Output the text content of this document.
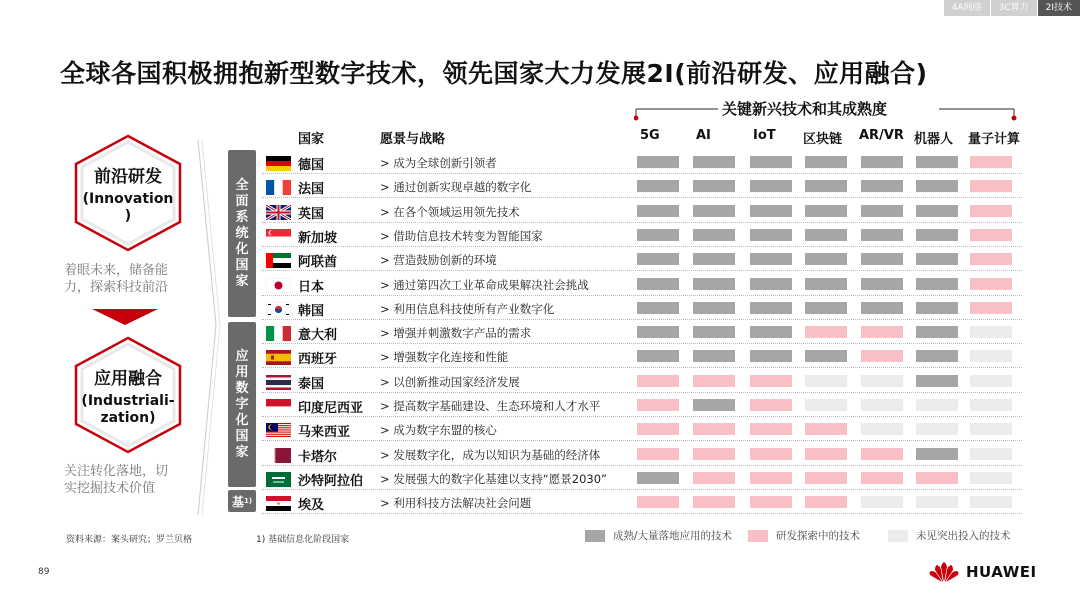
4A网络	3C算力	2I技术
全球各国积极拥抱新型数字技术，领先国家大力发展2I(前沿研发、应用融合)
前沿研发
(Innovation
)
着眼未来，储备能
力，探索科技前沿
应用融合
(Industriali-
zation)
关注转化落地，切
实挖掘技术价值
全面系统化国家
应用数字化国家
基 1)
国家	愿景与战略
关键新兴技术和其成熟度
5G	AI	IoT 区块链 AR/VR 机器人 量子计算
德国	> 成为全球创新引领者
法国	> 通过创新实现卓越的数字化
英国	> 在各个领域运用领先技术
新加坡	> 借助信息技术转变为智能国家
阿联酋	> 营造鼓励创新的环境
日本	> 通过第四次工业革命成果解决社会挑战
韩国	> 利用信息科技使所有产业数字化
意大利	> 增强并刺激数字产品的需求
西班牙	> 增强数字化连接和性能
泰国	> 以创新推动国家经济发展
印度尼西亚 > 提高数字基础建设、生态环境和人才水平
马来西亚	> 成为数字东盟的核心
卡塔尔	> 发展数字化，成为以知识为基础的经济体
沙特阿拉伯 > 发展强大的数字化基建以支持“愿景2030”
埃及	> 利用科技方法解决社会问题
成熟/大量落地应用的技术	研发探索中的技术	未见突出投入的技术
资料来源：案头研究；罗兰贝格	1) 基础信息化阶段国家
89	HUAWEI
